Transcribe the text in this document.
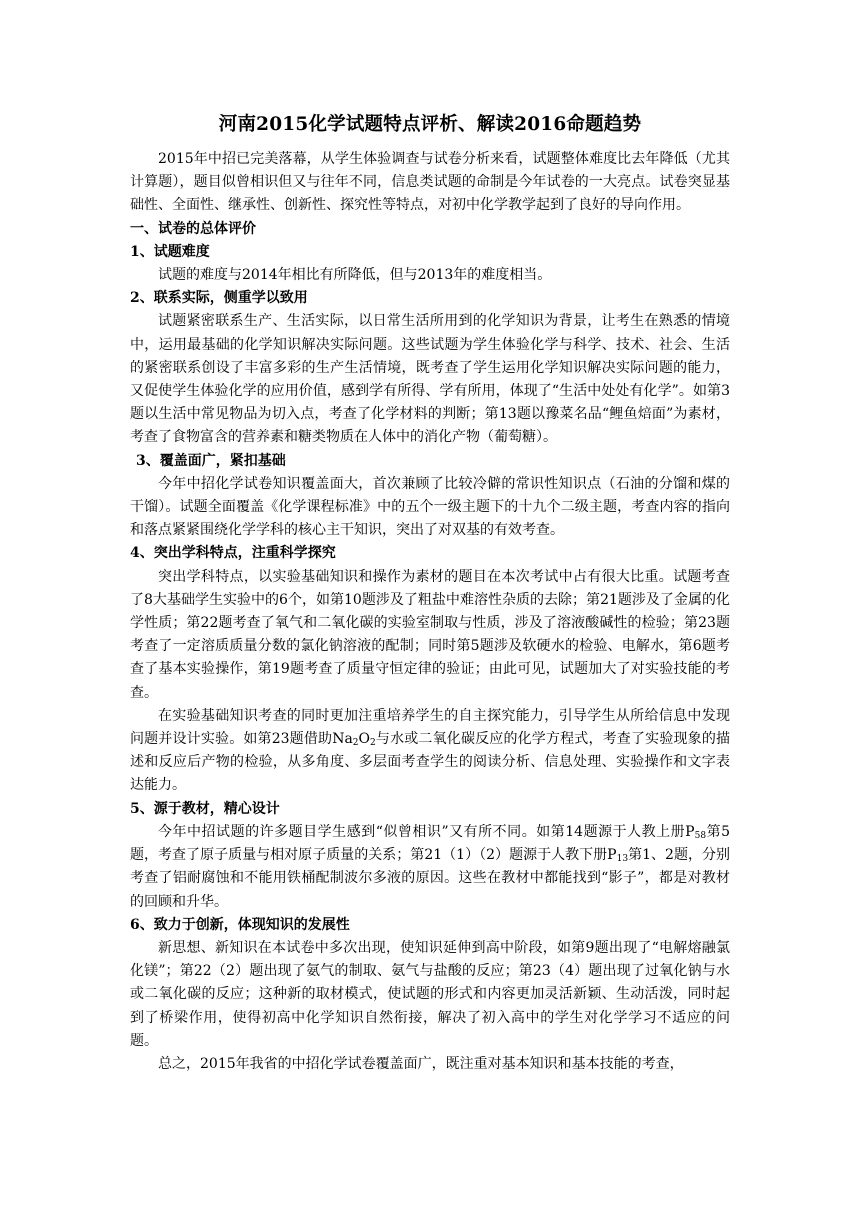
河南2015化学试题特点评析、解读2016命题趋势

2015年中招已完美落幕，从学生体验调查与试卷分析来看，试题整体难度比去年降低（尤其计算题），题目似曾相识但又与往年不同，信息类试题的命制是今年试卷的一大亮点。试卷突显基础性、全面性、继承性、创新性、探究性等特点，对初中化学教学起到了良好的导向作用。

一、试卷的总体评价

1、试题难度

试题的难度与2014年相比有所降低，但与2013年的难度相当。

2、联系实际，侧重学以致用

试题紧密联系生产、生活实际，以日常生活所用到的化学知识为背景，让考生在熟悉的情境中，运用最基础的化学知识解决实际问题。这些试题为学生体验化学与科学、技术、社会、生活的紧密联系创设了丰富多彩的生产生活情境，既考查了学生运用化学知识解决实际问题的能力，又促使学生体验化学的应用价值，感到学有所得、学有所用，体现了“生活中处处有化学”。如第3题以生活中常见物品为切入点，考查了化学材料的判断；第13题以豫菜名品“鲤鱼焙面”为素材，考查了食物富含的营养素和糖类物质在人体中的消化产物（葡萄糖）。

3、覆盖面广，紧扣基础

今年中招化学试卷知识覆盖面大，首次兼顾了比较冷僻的常识性知识点（石油的分馏和煤的干馏）。试题全面覆盖《化学课程标准》中的五个一级主题下的十九个二级主题，考查内容的指向和落点紧紧围绕化学学科的核心主干知识，突出了对双基的有效考查。

4、突出学科特点，注重科学探究

突出学科特点，以实验基础知识和操作为素材的题目在本次考试中占有很大比重。试题考查了8大基础学生实验中的6个，如第10题涉及了粗盐中难溶性杂质的去除；第21题涉及了金属的化学性质；第22题考查了氧气和二氧化碳的实验室制取与性质，涉及了溶液酸碱性的检验；第23题考查了一定溶质质量分数的氯化钠溶液的配制；同时第5题涉及软硬水的检验、电解水，第6题考查了基本实验操作，第19题考查了质量守恒定律的验证；由此可见，试题加大了对实验技能的考查。

在实验基础知识考查的同时更加注重培养学生的自主探究能力，引导学生从所给信息中发现问题并设计实验。如第23题借助$Na_2O_2$与水或二氧化碳反应的化学方程式，考查了实验现象的描述和反应后产物的检验，从多角度、多层面考查学生的阅读分析、信息处理、实验操作和文字表达能力。

5、源于教材，精心设计

今年中招试题的许多题目学生感到“似曾相识”又有所不同。如第14题源于人教上册$P_{58}$第5题，考查了原子质量与相对原子质量的关系；第21（1）（2）题源于人教下册$P_{13}$第1、2题，分别考查了铝耐腐蚀和不能用铁桶配制波尔多液的原因。这些在教材中都能找到“影子”，都是对教材的回顾和升华。

6、致力于创新，体现知识的发展性

新思想、新知识在本试卷中多次出现，使知识延伸到高中阶段，如第9题出现了“电解熔融氯化镁”；第22（2）题出现了氨气的制取、氨气与盐酸的反应；第23（4）题出现了过氧化钠与水或二氧化碳的反应；这种新的取材模式，使试题的形式和内容更加灵活新颖、生动活泼，同时起到了桥梁作用，使得初高中化学知识自然衔接，解决了初入高中的学生对化学学习不适应的问题。

总之，2015年我省的中招化学试卷覆盖面广，既注重对基本知识和基本技能的考查，
